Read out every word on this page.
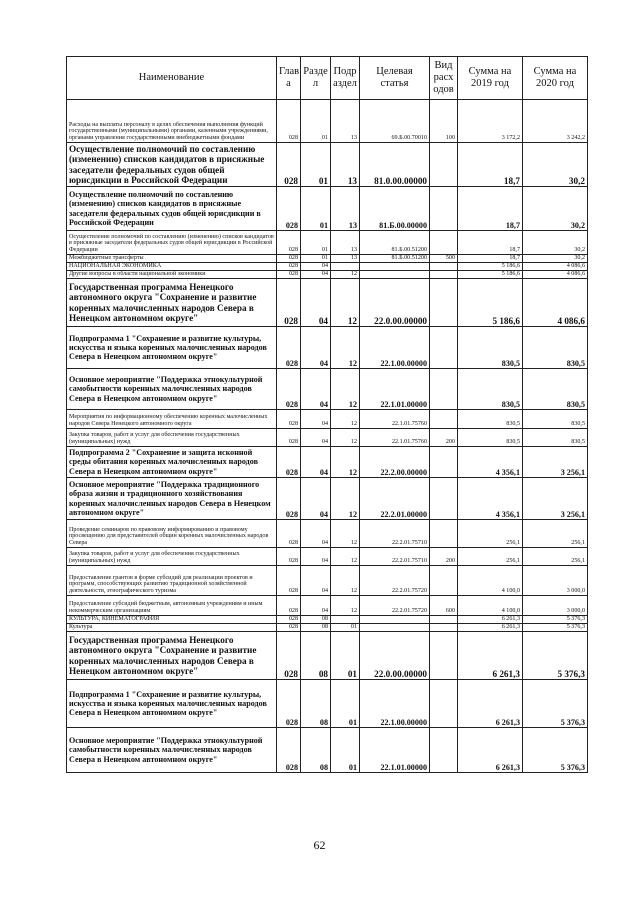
Наименование	Глав а	Разде л	Подр аздел	Целевая статья	Вид расх одов	Сумма на 2019 год	Сумма на 2020 год
Расходы на выплаты персоналу в целях обеспечения выполнения функций государственными (муниципальными) органами, казенными учреждениями, органами управления государственными внебюджетными фондами	028	01	13	69.Б.00.70010	100	3 172,2	3 242,2
Осуществление полномочий по составлению (изменению) списков кандидатов в присяжные заседатели федеральных судов общей юрисдикции в Российской Федерации	028	01	13	81.0.00.00000		18,7	30,2
Осуществление полномочий по составлению (изменению) списков кандидатов в присяжные заседатели федеральных судов общей юрисдикции в Российской Федерации	028	01	13	81.Б.00.00000		18,7	30,2
Осуществление полномочий по составлению (изменению) списков кандидатов в присяжные заседатели федеральных судов общей юрисдикции в Российской Федерации	028	01	13	81.Б.00.51200		18,7	30,2
Межбюджетные трансферты	028	01	13	81.Б.00.51200	500	18,7	30,2
НАЦИОНАЛЬНАЯ ЭКОНОМИКА	028	04				5 186,6	4 086,6
Другие вопросы в области национальной экономики	028	04	12			5 186,6	4 086,6
Государственная программа Ненецкого автономного округа "Сохранение и развитие коренных малочисленных народов Севера в Ненецком автономном округе"	028	04	12	22.0.00.00000		5 186,6	4 086,6
Подпрограмма 1 "Сохранение и развитие культуры, искусства и языка коренных малочисленных народов Севера в Ненецком автономном округе"	028	04	12	22.1.00.00000		830,5	830,5
Основное мероприятие "Поддержка этнокультурной самобытности коренных малочисленных народов Севера в Ненецком автономном округе"	028	04	12	22.1.01.00000		830,5	830,5
Мероприятия по информационному обеспечению коренных малочисленных народов Севера Ненецкого автономного округа	028	04	12	22.1.01.75760		830,5	830,5
Закупка товаров, работ и услуг для обеспечения государственных (муниципальных) нужд	028	04	12	22.1.01.75760	200	830,5	830,5
Подпрограмма 2 "Сохранение и защита исконной среды обитания коренных малочисленных народов Севера в Ненецком автономном округе"	028	04	12	22.2.00.00000		4 356,1	3 256,1
Основное мероприятие "Поддержка традиционного образа жизни и традиционного хозяйствования коренных малочисленных народов Севера в Ненецком автономном округе"	028	04	12	22.2.01.00000		4 356,1	3 256,1
Проведение семинаров по правовому информированию и правовому просвещению для представителей общин коренных малочисленных народов Севера	028	04	12	22.2.01.75710		256,1	256,1
Закупка товаров, работ и услуг для обеспечения государственных (муниципальных) нужд	028	04	12	22.2.01.75710	200	256,1	256,1
Предоставление грантов в форме субсидий для реализации проектов и программ, способствующих развитию традиционной хозяйственной деятельности, этнографического туризма	028	04	12	22.2.01.75720		4 100,0	3 000,0
Предоставление субсидий бюджетным, автономным учреждениям и иным некоммерческим организациям	028	04	12	22.2.01.75720	600	4 100,0	3 000,0
КУЛЬТУРА, КИНЕМАТОГРАФИЯ	028	08				6 261,3	5 376,3
Культура	028	08	01			6 261,3	5 376,3
Государственная программа Ненецкого автономного округа "Сохранение и развитие коренных малочисленных народов Севера в Ненецком автономном округе"	028	08	01	22.0.00.00000		6 261,3	5 376,3
Подпрограмма 1 "Сохранение и развитие культуры, искусства и языка коренных малочисленных народов Севера в Ненецком автономном округе"	028	08	01	22.1.00.00000		6 261,3	5 376,3
Основное мероприятие "Поддержка этнокультурной самобытности коренных малочисленных народов Севера в Ненецком автономном округе"	028	08	01	22.1.01.00000		6 261,3	5 376,3
62
